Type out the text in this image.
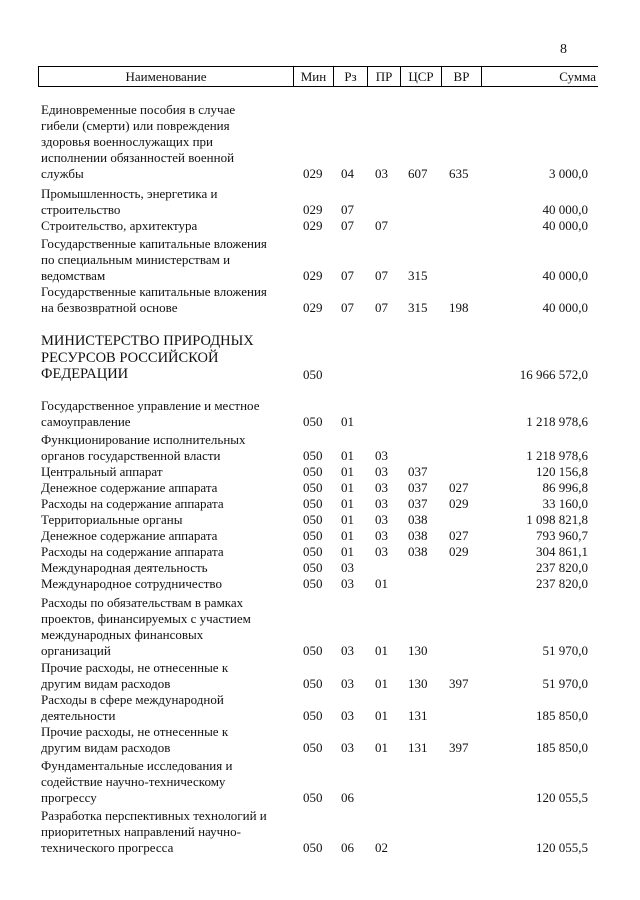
8
Наименование	Мин	Рз	ПР	ЦСР	ВР	Сумма
Единовременные пособия в случае
гибели (смерти) или повреждения
здоровья военнослужащих при
исполнении обязанностей военной
службы	029 04 03 607 635	3 000,0
Промышленность, энергетика и
строительство	029 07	40 000,0
Строительство, архитектура	029 07 07	40 000,0
Государственные капитальные вложения
по специальным министерствам и
ведомствам	029 07 07 315	40 000,0
Государственные капитальные вложения
на безвозвратной основе	029 07 07 315 198	40 000,0
МИНИСТЕРСТВО ПРИРОДНЫХ
РЕСУРСОВ РОССИЙСКОЙ
ФЕДЕРАЦИИ	050	16 966 572,0
Государственное управление и местное
самоуправление	050 01	1 218 978,6
Функционирование исполнительных
органов государственной власти	050 01 03	1 218 978,6
Центральный аппарат	050 01 03 037	120 156,8
Денежное содержание аппарата	050 01 03 037 027	86 996,8
Расходы на содержание аппарата	050 01 03 037 029	33 160,0
Территориальные органы	050 01 03 038	1 098 821,8
Денежное содержание аппарата	050 01 03 038 027	793 960,7
Расходы на содержание аппарата	050 01 03 038 029	304 861,1
Международная деятельность	050 03	237 820,0
Международное сотрудничество	050 03 01	237 820,0
Расходы по обязательствам в рамках
проектов, финансируемых с участием
международных финансовых
организаций	050 03 01 130	51 970,0
Прочие расходы, не отнесенные к
другим видам расходов	050 03 01 130 397	51 970,0
Расходы в сфере международной
деятельности	050 03 01 131	185 850,0
Прочие расходы, не отнесенные к
другим видам расходов	050 03 01 131 397	185 850,0
Фундаментальные исследования и
содействие научно-техническому
прогрессу	050 06	120 055,5
Разработка перспективных технологий и
приоритетных направлений научно-
технического прогресса	050 06 02	120 055,5
